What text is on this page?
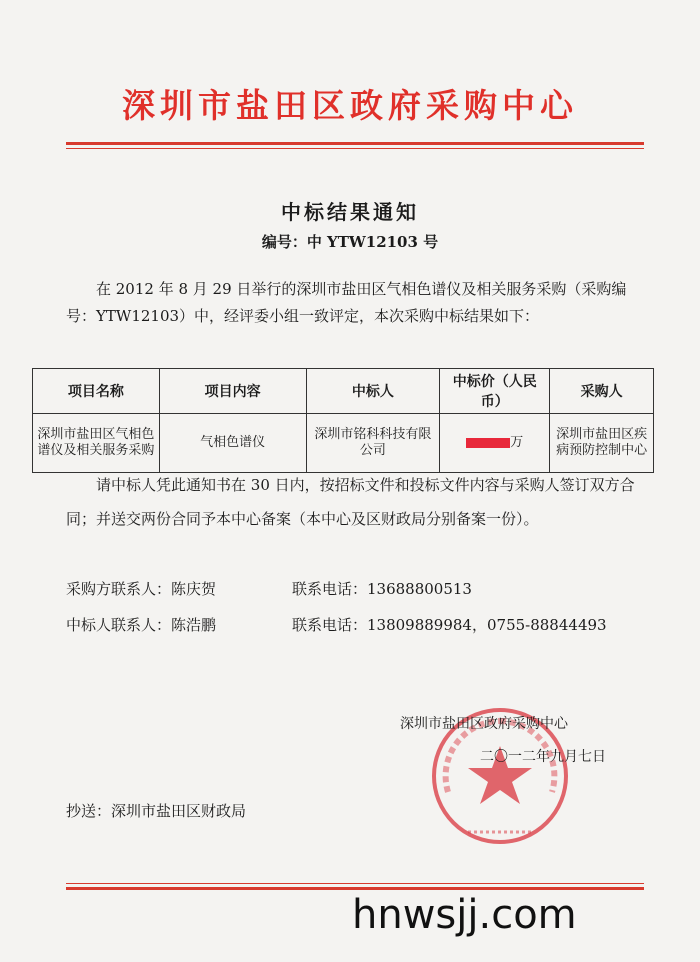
深圳市盐田区政府采购中心
中标结果通知
编号：中 YTW12103 号
在 2012 年 8 月 29 日举行的深圳市盐田区气相色谱仪及相关服务采购（采购编号：YTW12103）中，经评委小组一致评定，本次采购中标结果如下：
项目名称	项目内容	中标人	中标价（人民币）	采购人
深圳市盐田区气相色谱仪及相关服务采购	气相色谱仪	深圳市铭科科技有限公司	万	深圳市盐田区疾病预防控制中心
请中标人凭此通知书在 30 日内，按招标文件和投标文件内容与采购人签订双方合同；并送交两份合同予本中心备案（本中心及区财政局分别备案一份）。
采购方联系人：陈庆贺	联系电话：13688800513
中标人联系人：陈浩鹏	联系电话：13809889984，0755-88844493
深圳市盐田区政府采购中心
二〇一二年九月七日
抄送：深圳市盐田区财政局
hnwsjj.com
